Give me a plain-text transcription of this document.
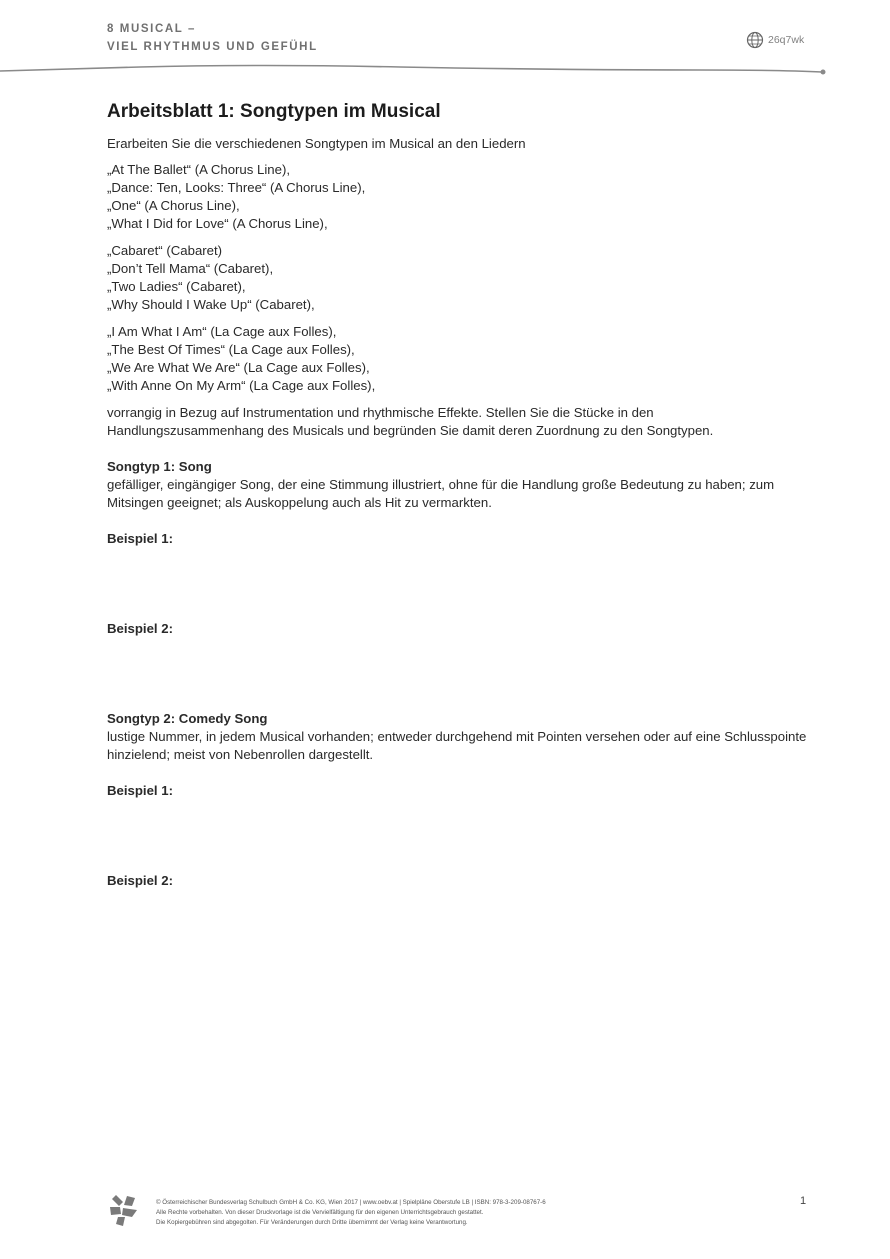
8 MUSICAL –
VIEL RHYTHMUS UND GEFÜHL
26q7wk
Arbeitsblatt 1: Songtypen im Musical

Erarbeiten Sie die verschiedenen Songtypen im Musical an den Liedern

„At The Ballet“ (A Chorus Line),

„Dance: Ten, Looks: Three“ (A Chorus Line),

„One“ (A Chorus Line),

„What I Did for Love“ (A Chorus Line),

„Cabaret“ (Cabaret)

„Don’t Tell Mama“ (Cabaret),

„Two Ladies“ (Cabaret),

„Why Should I Wake Up“ (Cabaret),

„I Am What I Am“ (La Cage aux Folles),

„The Best Of Times“ (La Cage aux Folles),

„We Are What We Are“ (La Cage aux Folles),

„With Anne On My Arm“ (La Cage aux Folles),

vorrangig in Bezug auf Instrumentation und rhythmische Effekte. Stellen Sie die Stücke in den Handlungszusammenhang des Musicals und begründen Sie damit deren Zuordnung zu den Songtypen.

Songtyp 1: Song

gefälliger, eingängiger Song, der eine Stimmung illustriert, ohne für die Handlung große Bedeutung zu haben; zum Mitsingen geeignet; als Auskoppelung auch als Hit zu vermarkten.

Beispiel 1:

Beispiel 2:

Songtyp 2: Comedy Song

lustige Nummer, in jedem Musical vorhanden; entweder durchgehend mit Pointen versehen oder auf eine Schlusspointe hinzielend; meist von Nebenrollen dargestellt.

Beispiel 1:

Beispiel 2:

© Österreichischer Bundesverlag Schulbuch GmbH & Co. KG, Wien 2017 | www.oebv.at | Spielpläne Oberstufe LB | ISBN: 978-3-209-08767-6
Alle Rechte vorbehalten. Von dieser Druckvorlage ist die Vervielfältigung für den eigenen Unterrichtsgebrauch gestattet.
Die Kopiergebühren sind abgegolten. Für Veränderungen durch Dritte übernimmt der Verlag keine Verantwortung.
1
